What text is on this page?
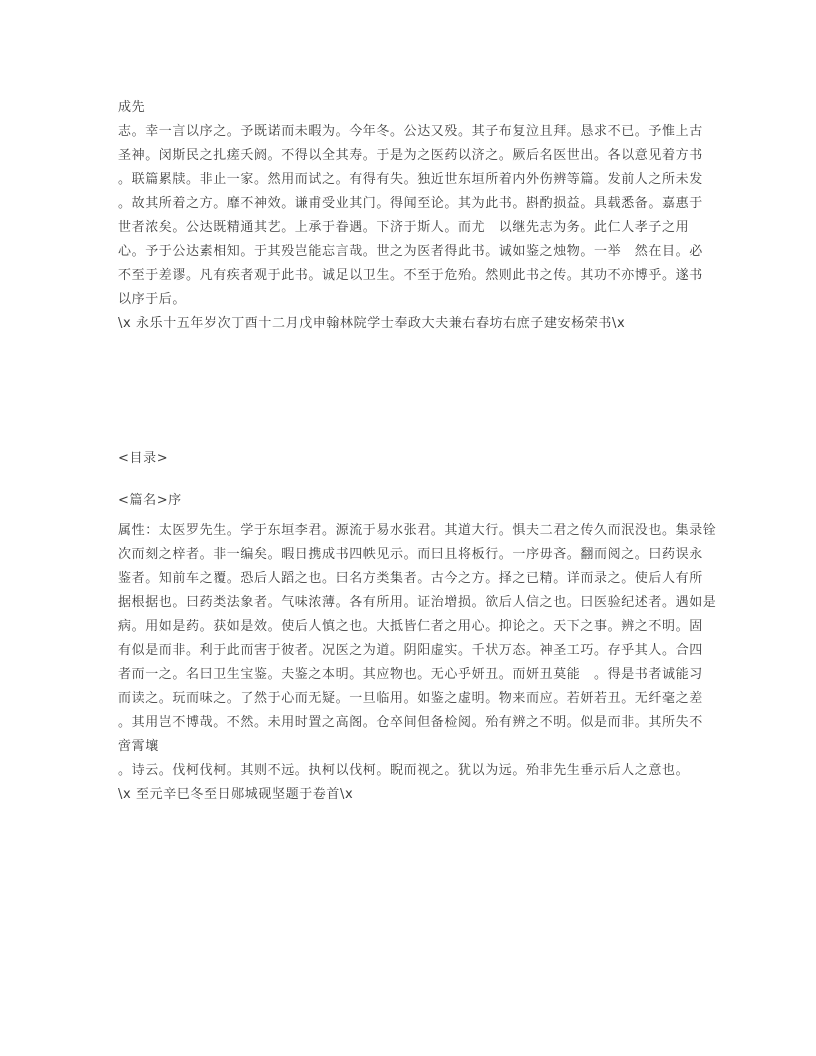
成先
志。幸一言以序之。予既诺而未暇为。今年冬。公达又殁。其子布复泣且拜。恳求不已。予惟上古
圣神。闵斯民之扎瘥夭阏。不得以全其寿。于是为之医药以济之。厥后名医世出。各以意见着方书
。联篇累牍。非止一家。然用而试之。有得有失。独近世东垣所着内外伤辨等篇。发前人之所未发
。故其所着之方。靡不神效。谦甫受业其门。得闻至论。其为此书。斟酌损益。具载悉备。嘉惠于
世者浓矣。公达既精通其艺。上承于眷遇。下济于斯人。而尤　以继先志为务。此仁人孝子之用
心。予于公达素相知。于其殁岂能忘言哉。世之为医者得此书。诚如鉴之烛物。一举　然在目。必
不至于差谬。凡有疾者观于此书。诚足以卫生。不至于危殆。然则此书之传。其功不亦博乎。遂书
以序于后。
\x 永乐十五年岁次丁酉十二月戊申翰林院学士奉政大夫兼右春坊右庶子建安杨荣书\x
<目录>
<篇名>序
属性：太医罗先生。学于东垣李君。源流于易水张君。其道大行。惧夫二君之传久而泯没也。集录铨
次而刻之梓者。非一编矣。暇日携成书四帙见示。而曰且将板行。一序毋吝。翻而阅之。曰药误永
鉴者。知前车之覆。恐后人蹈之也。曰名方类集者。古今之方。择之已精。详而录之。使后人有所
据根据也。曰药类法象者。气味浓薄。各有所用。证治增损。欲后人信之也。曰医验纪述者。遇如是
病。用如是药。获如是效。使后人慎之也。大抵皆仁者之用心。抑论之。天下之事。辨之不明。固
有似是而非。利于此而害于彼者。况医之为道。阴阳虚实。千状万态。神圣工巧。存乎其人。合四
者而一之。名曰卫生宝鉴。夫鉴之本明。其应物也。无心乎妍丑。而妍丑莫能　。得是书者诚能习
而读之。玩而味之。了然于心而无疑。一旦临用。如鉴之虚明。物来而应。若妍若丑。无纤毫之差
。其用岂不博哉。不然。未用时置之高阁。仓卒间但备检阅。殆有辨之不明。似是而非。其所失不
啻霄壤
。诗云。伐柯伐柯。其则不远。执柯以伐柯。睨而视之。犹以为远。殆非先生垂示后人之意也。
\x 至元辛巳冬至日郧城砚坚题于卷首\x
